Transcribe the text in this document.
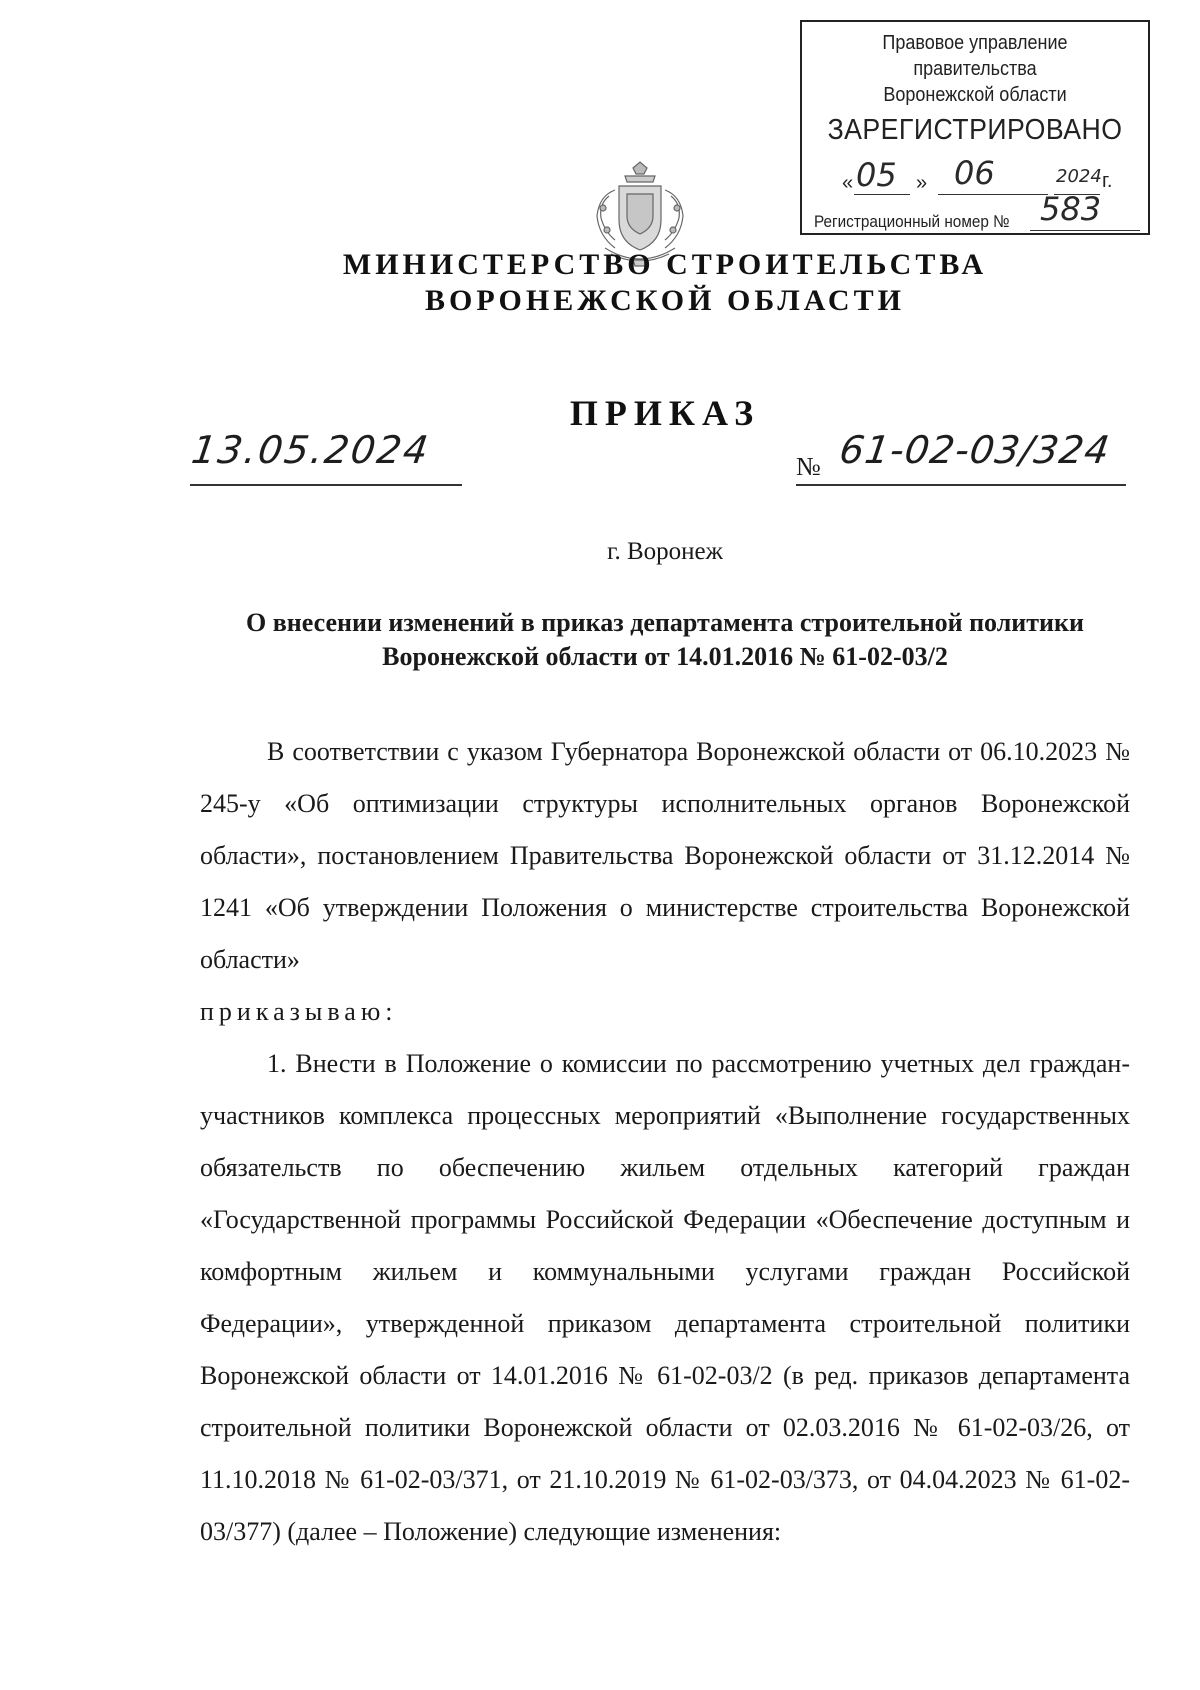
Правовое управление правительства
Воронежской области
ЗАРЕГИСТРИРОВАНО
« 05 » 06	2024 г.
Регистрационный номер № 583
МИНИСТЕРСТВО СТРОИТЕЛЬСТВА
ВОРОНЕЖСКОЙ ОБЛАСТИ
ПРИКАЗ
13.05.2024	№ 61-02-03/324
г. Воронеж
О внесении изменений в приказ департамента строительной политики Воронежской области от 14.01.2016 № 61-02-03/2
В соответствии с указом Губернатора Воронежской области от 06.10.2023 № 245-у «Об оптимизации структуры исполнительных органов Воронежской области», постановлением Правительства Воронежской области от 31.12.2014 № 1241 «Об утверждении Положения о министерстве строительства Воронежской области»
приказываю:
1. Внести в Положение о комиссии по рассмотрению учетных дел граждан-участников комплекса процессных мероприятий «Выполнение государственных обязательств по обеспечению жильем отдельных категорий граждан «Государственной программы Российской Федерации «Обеспечение доступным и комфортным жильем и коммунальными услугами граждан Российской Федерации», утвержденной приказом департамента строительной политики Воронежской области от 14.01.2016 № 61-02-03/2 (в ред. приказов департамента строительной политики Воронежской области от 02.03.2016 № 61-02-03/26, от 11.10.2018 № 61-02-03/371, от 21.10.2019 № 61-02-03/373, от 04.04.2023 № 61-02-03/377) (далее – Положение) следующие изменения:
